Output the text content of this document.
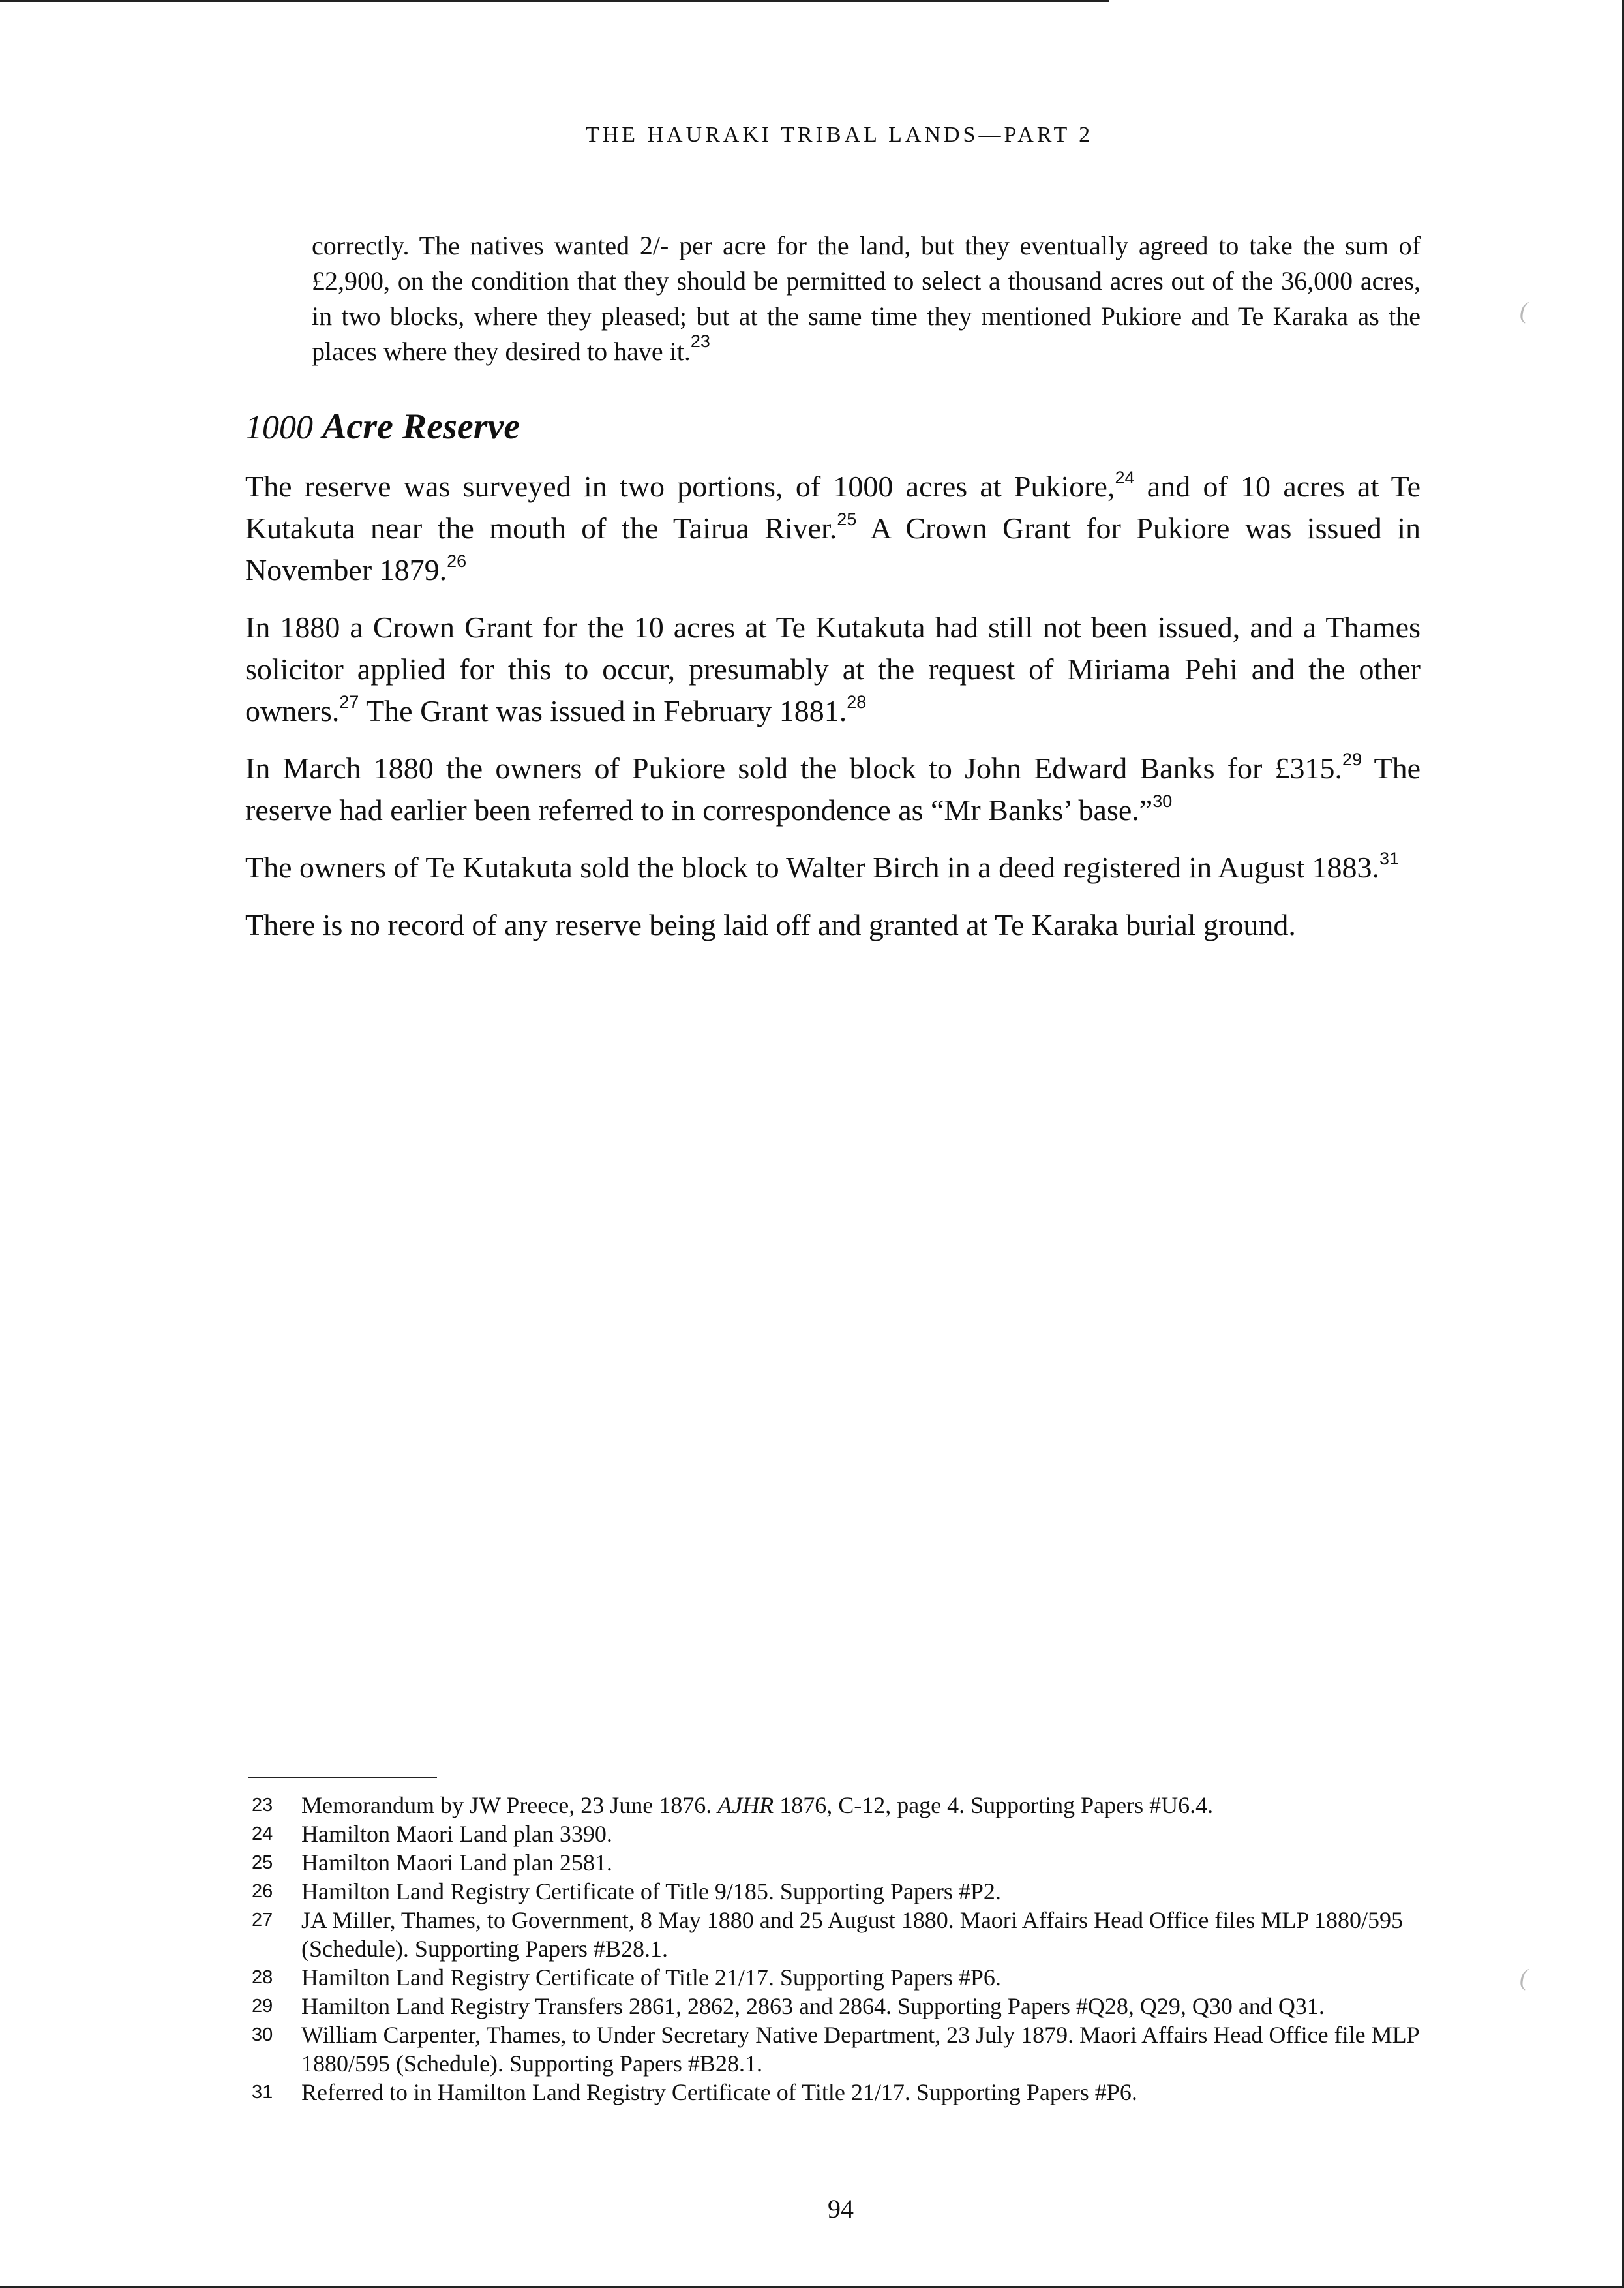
THE HAURAKI TRIBAL LANDS—PART 2

correctly. The natives wanted 2/- per acre for the land, but they eventually agreed to take the sum of £2,900, on the condition that they should be permitted to select a thousand acres out of the 36,000 acres, in two blocks, where they pleased; but at the same time they mentioned Pukiore and Te Karaka as the places where they desired to have it.$^{23}$

1000 Acre Reserve

The reserve was surveyed in two portions, of 1000 acres at Pukiore,$^{24}$ and of 10 acres at Te Kutakuta near the mouth of the Tairua River.$^{25}$ A Crown Grant for Pukiore was issued in November 1879.26

In 1880 a Crown Grant for the 10 acres at Te Kutakuta had still not been issued, and a Thames solicitor applied for this to occur, presumably at the request of Miriama Pehi and the other owners.$^{27}$ The Grant was issued in February 1881.28

In March 1880 the owners of Pukiore sold the block to John Edward Banks for £315.29 The reserve had earlier been referred to in correspondence as “Mr Banks’ base.”$^{30}$

The owners of Te Kutakuta sold the block to Walter Birch in a deed registered in August 1883.31

There is no record of any reserve being laid off and granted at Te Karaka burial ground.

23 Memorandum by JW Preece, 23 June 1876. AJHR 1876, C-12, page 4. Supporting Papers #U6.4.
24 Hamilton Maori Land plan 3390.
25 Hamilton Maori Land plan 2581.
26 Hamilton Land Registry Certificate of Title 9/185. Supporting Papers #P2.
27 JA Miller, Thames, to Government, 8 May 1880 and 25 August 1880. Maori Affairs Head Office files MLP 1880/595 (Schedule). Supporting Papers #B28.1.
28 Hamilton Land Registry Certificate of Title 21/17. Supporting Papers #P6.
29 Hamilton Land Registry Transfers 2861, 2862, 2863 and 2864. Supporting Papers #Q28, Q29, Q30 and Q31.
30 William Carpenter, Thames, to Under Secretary Native Department, 23 July 1879. Maori Affairs Head Office file MLP 1880/595 (Schedule). Supporting Papers #B28.1.
31 Referred to in Hamilton Land Registry Certificate of Title 21/17. Supporting Papers #P6.
94
(
(
